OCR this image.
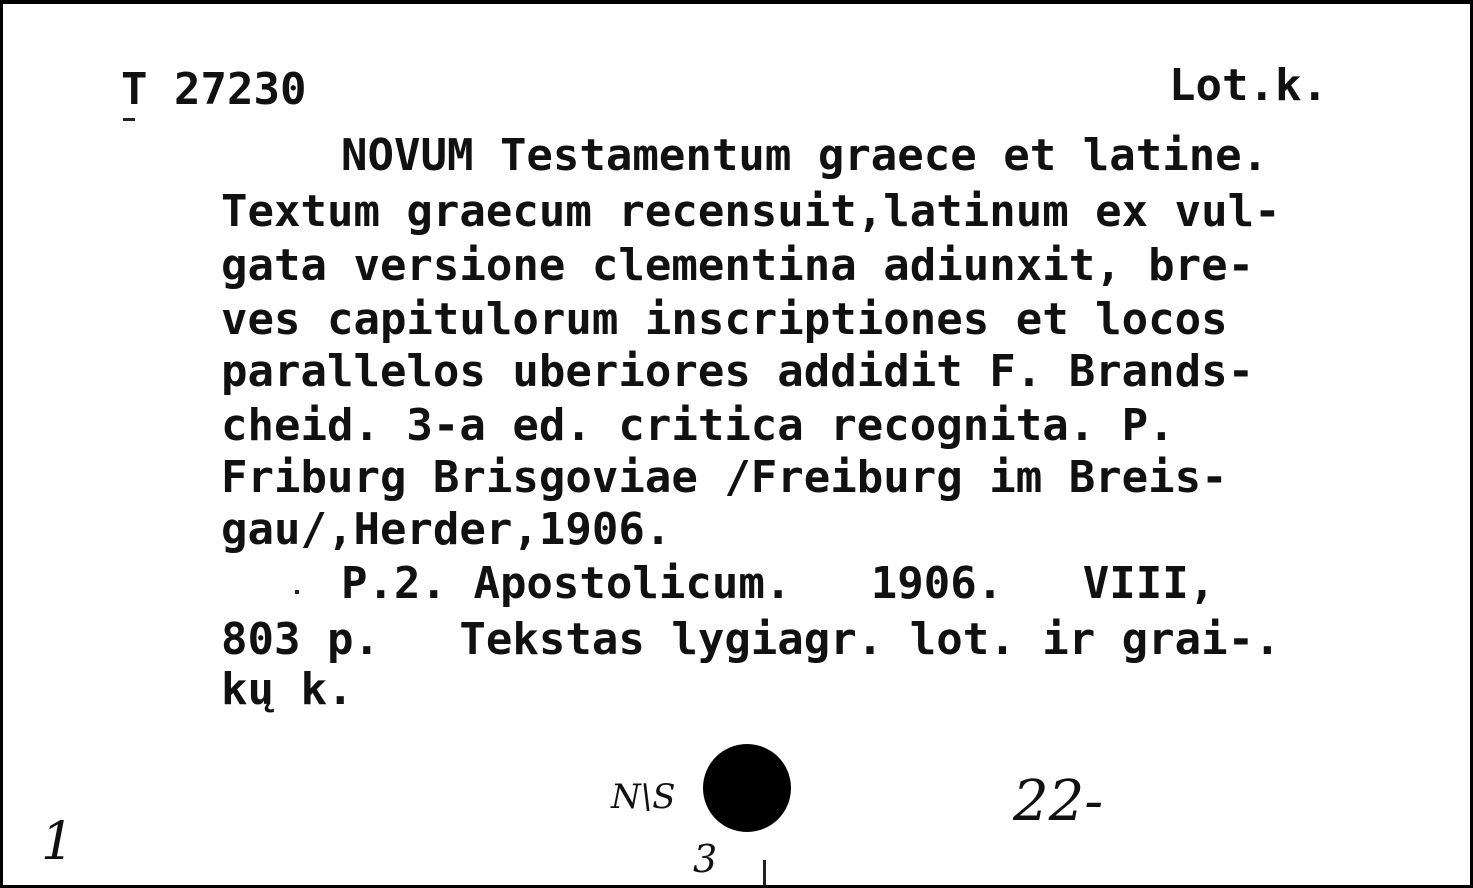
T 27230	Lot.k.
NOVUM Testamentum graece et latine.
Textum graecum recensuit,latinum ex vul-
gata versione clementina adiunxit, bre-
ves capitulorum inscriptiones et locos
parallelos uberiores addidit F. Brands-
cheid. 3-a ed. critica recognita. P.
Friburg Brisgoviae /Freiburg im Breis-
gau/,Herder,1906.
P.2. Apostolicum.   1906.   VIII,
803 p.   Tekstas lygiagr. lot. ir grai-.
kų k.
1
N\S
3
22-
